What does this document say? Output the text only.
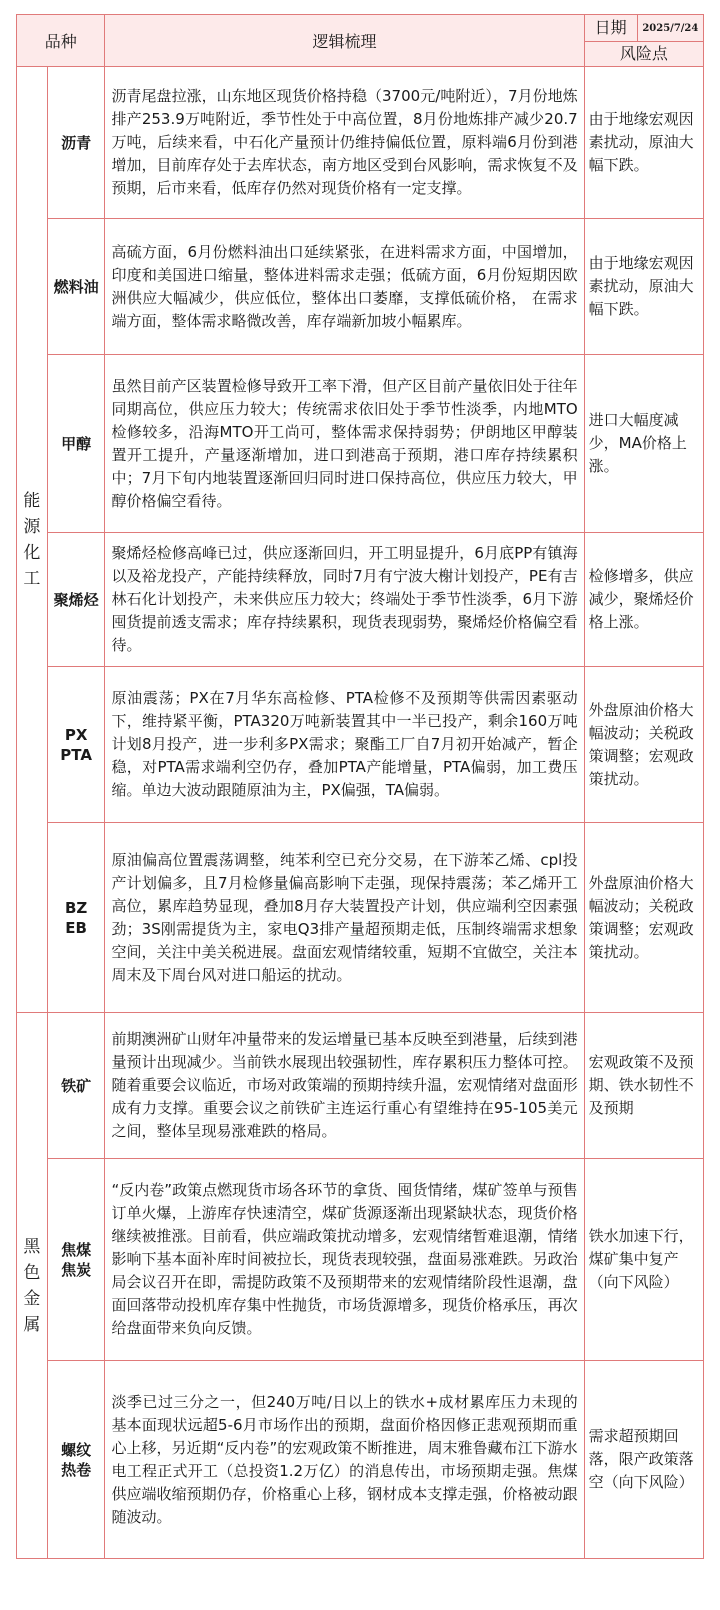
品种		逻辑梳理	日期 2025/7/24
风险点

能
源
化
工	沥青	沥青尾盘拉涨，山东地区现货价格持稳（3700元/吨附近），7月份地炼排产253.9万吨附近，季节性处于中高位置，8月份地炼排产减少20.7万吨，后续来看，中石化产量预计仍维持偏低位置，原料端6月份到港增加，目前库存处于去库状态，南方地区受到台风影响，需求恢复不及预期，后市来看，低库存仍然对现货价格有一定支撑。	由于地缘宏观因素扰动，原油大幅下跌。

	燃料油	高硫方面，6月份燃料油出口延续紧张，在进料需求方面，中国增加，印度和美国进口缩量，整体进料需求走强；低硫方面，6月份短期因欧洲供应大幅减少，供应低位，整体出口萎靡，支撑低硫价格， 在需求端方面，整体需求略微改善，库存端新加坡小幅累库。	由于地缘宏观因素扰动，原油大幅下跌。

	甲醇	虽然目前产区装置检修导致开工率下滑，但产区目前产量依旧处于往年同期高位，供应压力较大；传统需求依旧处于季节性淡季，内地MTO检修较多，沿海MTO开工尚可，整体需求保持弱势；伊朗地区甲醇装置开工提升，产量逐渐增加，进口到港高于预期，港口库存持续累积中；7月下旬内地装置逐渐回归同时进口保持高位，供应压力较大，甲醇价格偏空看待。	进口大幅度减少，MA价格上涨。

	聚烯烃	聚烯烃检修高峰已过，供应逐渐回归，开工明显提升，6月底PP有镇海以及裕龙投产，产能持续释放，同时7月有宁波大榭计划投产，PE有吉林石化计划投产，未来供应压力较大；终端处于季节性淡季，6月下游囤货提前透支需求；库存持续累积，现货表现弱势，聚烯烃价格偏空看待。	检修增多，供应减少，聚烯烃价格上涨。

	PX
PTA	原油震荡；PX在7月华东高检修、PTA检修不及预期等供需因素驱动下，维持紧平衡，PTA320万吨新装置其中一半已投产，剩余160万吨计划8月投产，进一步利多PX需求；聚酯工厂自7月初开始减产，暂企稳，对PTA需求端利空仍存，叠加PTA产能增量，PTA偏弱，加工费压缩。单边大波动跟随原油为主，PX偏强，TA偏弱。	外盘原油价格大幅波动；关税政策调整；宏观政策扰动。

	BZ
EB	原油偏高位置震荡调整，纯苯利空已充分交易，在下游苯乙烯、cpl投产计划偏多，且7月检修量偏高影响下走强，现保持震荡；苯乙烯开工高位，累库趋势显现，叠加8月存大装置投产计划，供应端利空因素强劲；3S刚需提货为主，家电Q3排产量超预期走低，压制终端需求想象空间，关注中美关税进展。盘面宏观情绪较重，短期不宜做空，关注本周末及下周台风对进口船运的扰动。	外盘原油价格大幅波动；关税政策调整；宏观政策扰动。

黑
色
金
属	铁矿	前期澳洲矿山财年冲量带来的发运增量已基本反映至到港量，后续到港量预计出现减少。当前铁水展现出较强韧性，库存累积压力整体可控。随着重要会议临近，市场对政策端的预期持续升温，宏观情绪对盘面形成有力支撑。重要会议之前铁矿主连运行重心有望维持在95-105美元之间，整体呈现易涨难跌的格局。	宏观政策不及预期、铁水韧性不及预期

	焦煤
焦炭	“反内卷”政策点燃现货市场各环节的拿货、囤货情绪，煤矿签单与预售订单火爆，上游库存快速清空，煤矿货源逐渐出现紧缺状态，现货价格继续被推涨。目前看，供应端政策扰动增多，宏观情绪暂难退潮，情绪影响下基本面补库时间被拉长，现货表现较强，盘面易涨难跌。另政治局会议召开在即，需提防政策不及预期带来的宏观情绪阶段性退潮，盘面回落带动投机库存集中性抛货，市场货源增多，现货价格承压，再次给盘面带来负向反馈。	铁水加速下行，煤矿集中复产（向下风险）

	螺纹
热卷	淡季已过三分之一，但240万吨/日以上的铁水+成材累库压力未现的基本面现状远超5-6月市场作出的预期，盘面价格因修正悲观预期而重心上移，另近期“反内卷”的宏观政策不断推进，周末雅鲁藏布江下游水电工程正式开工（总投资1.2万亿）的消息传出，市场预期走强。焦煤供应端收缩预期仍存，价格重心上移，钢材成本支撑走强，价格被动跟随波动。	需求超预期回落，限产政策落空（向下风险）
